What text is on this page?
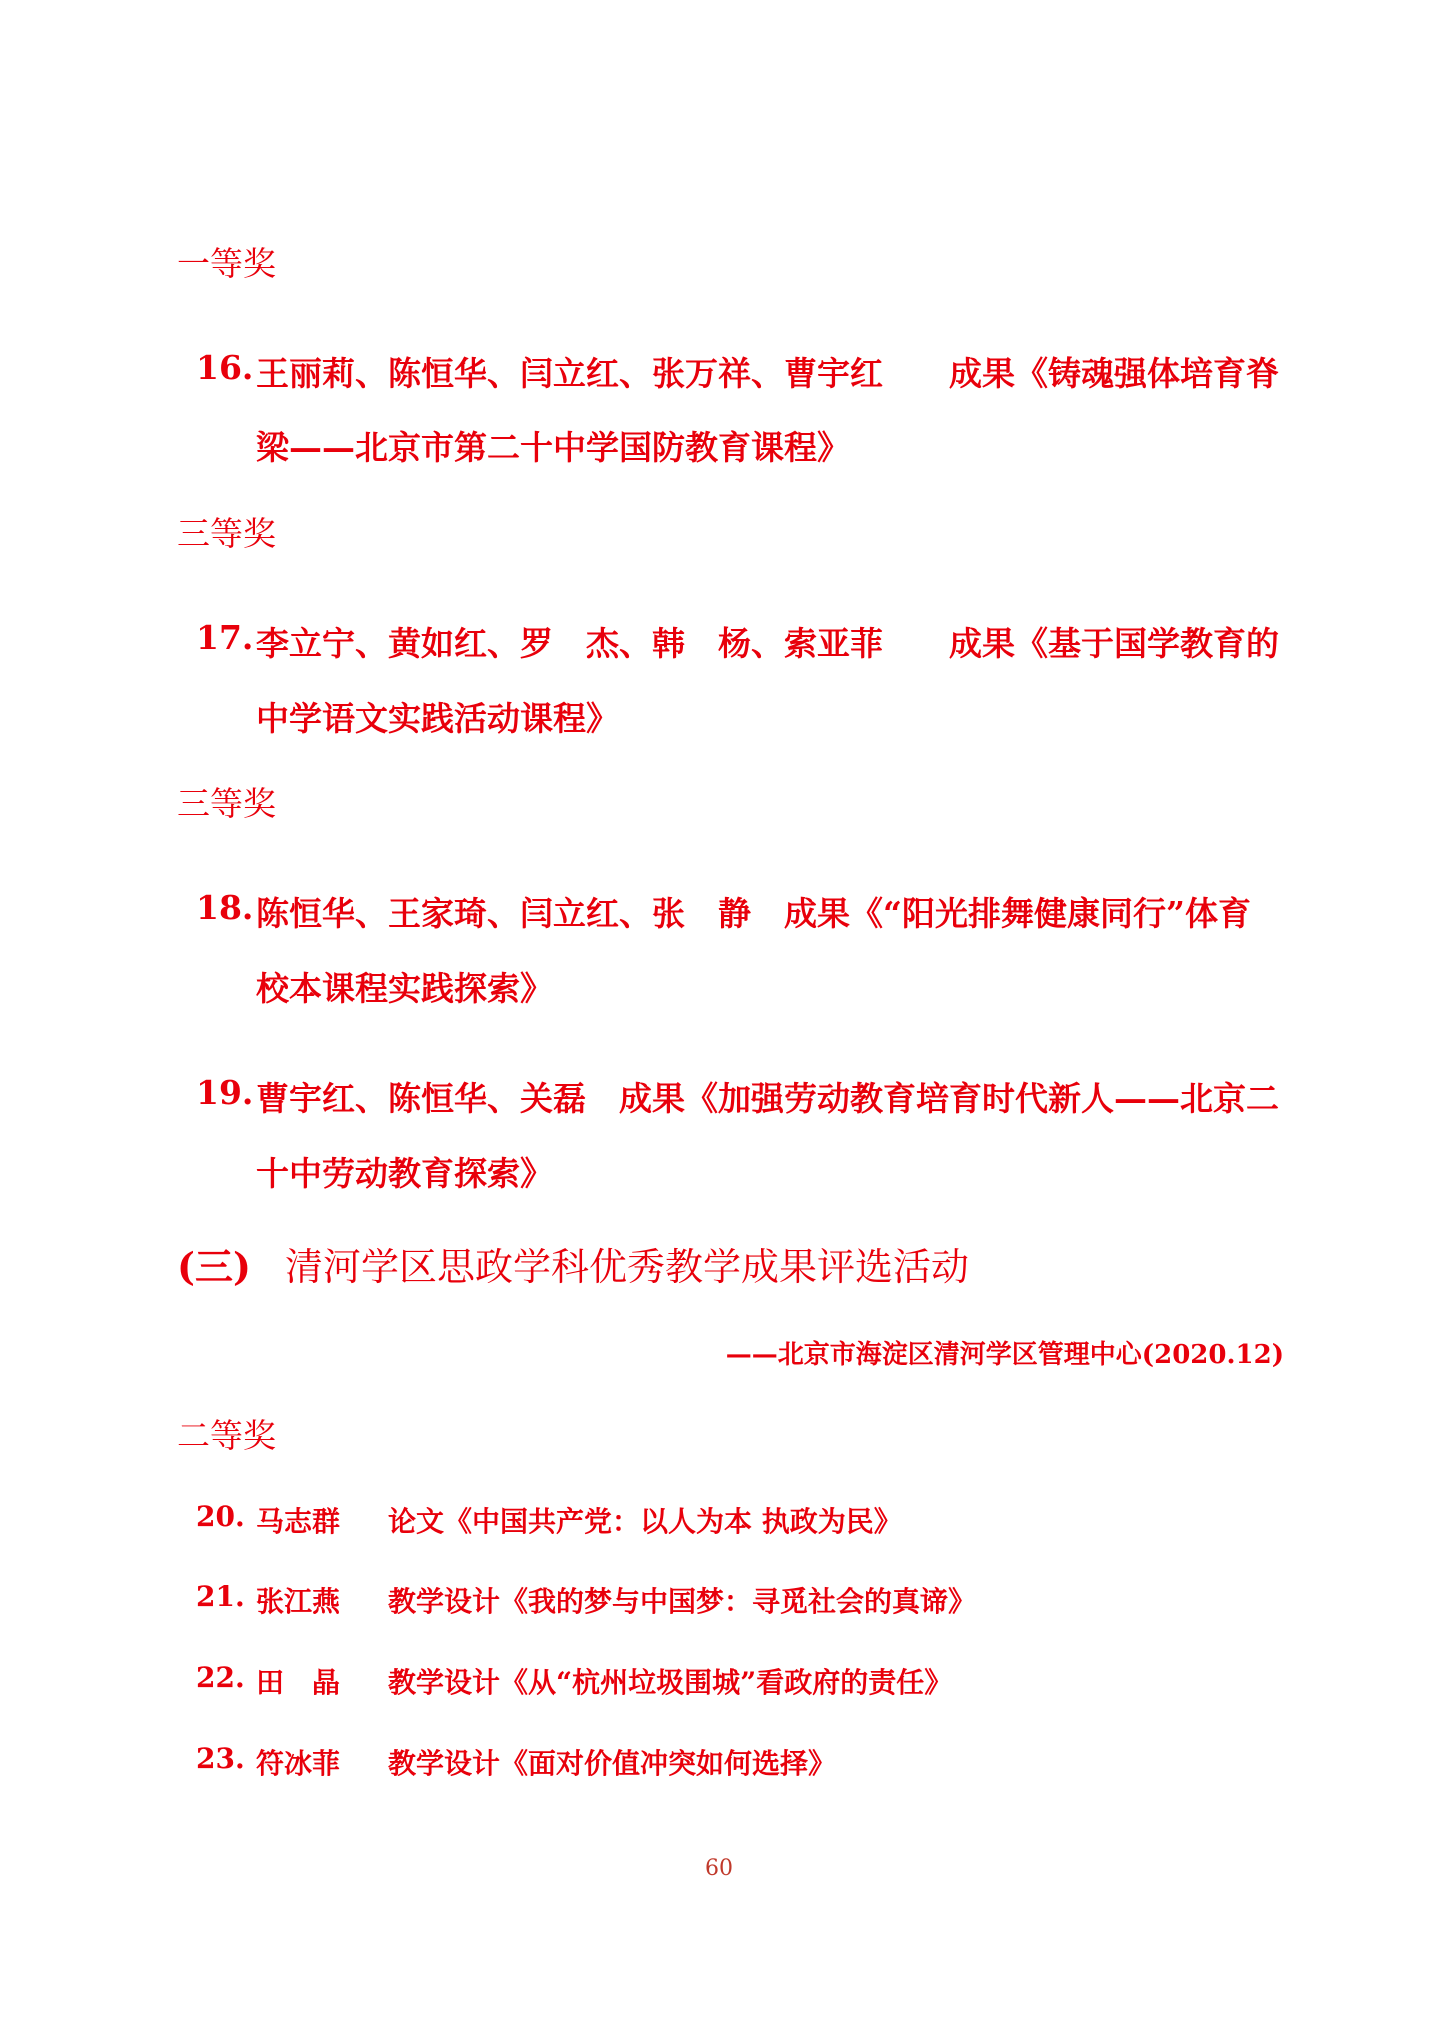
一等奖
16. 王丽莉、陈恒华、闫立红、张万祥、曹宇红　　成果《铸魂强体培育脊
梁——北京市第二十中学国防教育课程》
三等奖
17. 李立宁、黄如红、罗　杰、韩　杨、索亚菲　　成果《基于国学教育的
中学语文实践活动课程》
三等奖
18. 陈恒华、王家琦、闫立红、张　静　成果《“阳光排舞健康同行”体育
校本课程实践探索》
19. 曹宇红、陈恒华、关磊　成果《加强劳动教育培育时代新人——北京二
十中劳动教育探索》
(三) 清河学区思政学科优秀教学成果评选活动
——北京市海淀区清河学区管理中心(2020.12)
二等奖
20. 马志群 论文《中国共产党：以人为本 执政为民》
21. 张江燕 教学设计《我的梦与中国梦：寻觅社会的真谛》
22. 田　晶 教学设计《从“杭州垃圾围城”看政府的责任》
23. 符冰菲 教学设计《面对价值冲突如何选择》
60
